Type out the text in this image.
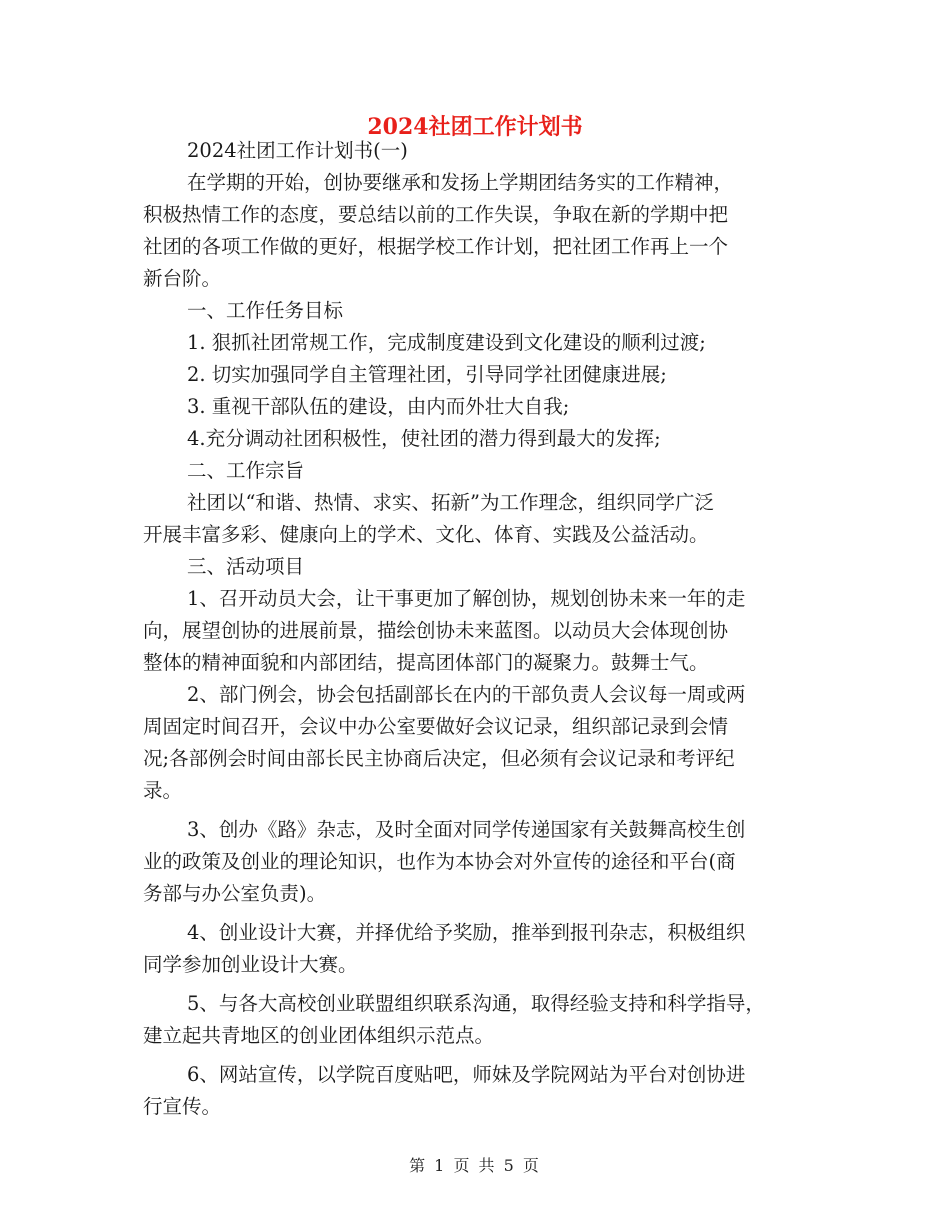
2024社团工作计划书
2024社团工作计划书(一)
在学期的开始，创协要继承和发扬上学期团结务实的工作精神，
积极热情工作的态度，要总结以前的工作失误，争取在新的学期中把
社团的各项工作做的更好，根据学校工作计划，把社团工作再上一个
新台阶。
一、工作任务目标
1. 狠抓社团常规工作，完成制度建设到文化建设的顺利过渡;
2. 切实加强同学自主管理社团，引导同学社团健康进展;
3. 重视干部队伍的建设，由内而外壮大自我;
4.充分调动社团积极性，使社团的潜力得到最大的发挥;
二、工作宗旨
社团以“和谐、热情、求实、拓新”为工作理念，组织同学广泛
开展丰富多彩、健康向上的学术、文化、体育、实践及公益活动。
三、活动项目
1、召开动员大会，让干事更加了解创协，规划创协未来一年的走
向，展望创协的进展前景，描绘创协未来蓝图。以动员大会体现创协
整体的精神面貌和内部团结，提高团体部门的凝聚力。鼓舞士气。
2、部门例会，协会包括副部长在内的干部负责人会议每一周或两
周固定时间召开，会议中办公室要做好会议记录，组织部记录到会情
况;各部例会时间由部长民主协商后决定，但必须有会议记录和考评纪
录。
3、创办《路》杂志，及时全面对同学传递国家有关鼓舞高校生创
业的政策及创业的理论知识，也作为本协会对外宣传的途径和平台(商
务部与办公室负责)。
4、创业设计大赛，并择优给予奖励，推举到报刊杂志，积极组织
同学参加创业设计大赛。
5、与各大高校创业联盟组织联系沟通，取得经验支持和科学指导，
建立起共青地区的创业团体组织示范点。
6、网站宣传，以学院百度贴吧，师妹及学院网站为平台对创协进
行宣传。
第 1 页 共 5 页
